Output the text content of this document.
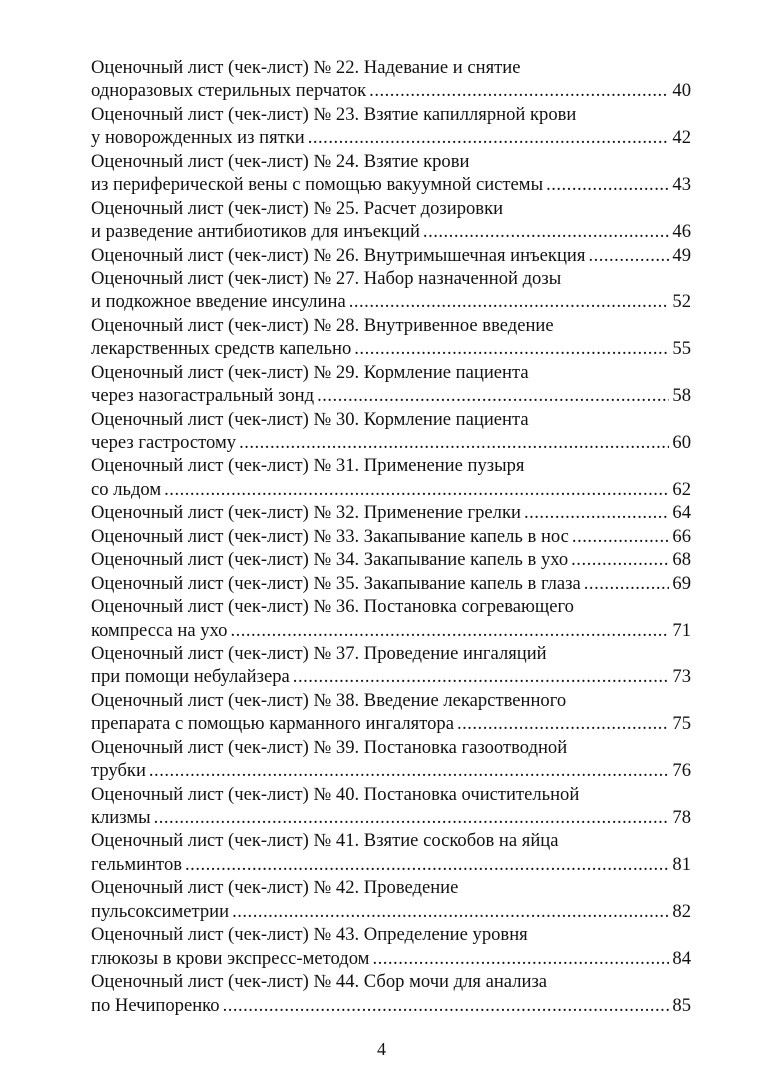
Оценочный лист (чек-лист) № 22. Надевание и снятие
одноразовых стерильных перчаток .....	40
Оценочный лист (чек-лист) № 23. Взятие капиллярной крови
у новорожденных из пятки .....	42
Оценочный лист (чек-лист) № 24. Взятие крови
из периферической вены с помощью вакуумной системы .....	43
Оценочный лист (чек-лист) № 25. Расчет дозировки
и разведение антибиотиков для инъекций .....	46
Оценочный лист (чек-лист) № 26. Внутримышечная инъекция .....	49
Оценочный лист (чек-лист) № 27. Набор назначенной дозы
и подкожное введение инсулина .....	52
Оценочный лист (чек-лист) № 28. Внутривенное введение
лекарственных средств капельно .....	55
Оценочный лист (чек-лист) № 29. Кормление пациента
через назогастральный зонд .....	58
Оценочный лист (чек-лист) № 30. Кормление пациента
через гастростому .....	60
Оценочный лист (чек-лист) № 31. Применение пузыря
со льдом .....	62
Оценочный лист (чек-лист) № 32. Применение грелки .....	64
Оценочный лист (чек-лист) № 33. Закапывание капель в нос .....	66
Оценочный лист (чек-лист) № 34. Закапывание капель в ухо .....	68
Оценочный лист (чек-лист) № 35. Закапывание капель в глаза .....	69
Оценочный лист (чек-лист) № 36. Постановка согревающего
компресса на ухо .....	71
Оценочный лист (чек-лист) № 37. Проведение ингаляций
при помощи небулайзера .....	73
Оценочный лист (чек-лист) № 38. Введение лекарственного
препарата с помощью карманного ингалятора .....	75
Оценочный лист (чек-лист) № 39. Постановка газоотводной
трубки .....	76
Оценочный лист (чек-лист) № 40. Постановка очистительной
клизмы .....	78
Оценочный лист (чек-лист) № 41. Взятие соскобов на яйца
гельминтов .....	81
Оценочный лист (чек-лист) № 42. Проведение
пульсоксиметрии .....	82
Оценочный лист (чек-лист) № 43. Определение уровня
глюкозы в крови экспресс-методом .....	84
Оценочный лист (чек-лист) № 44. Сбор мочи для анализа
по Нечипоренко .....	85
4
